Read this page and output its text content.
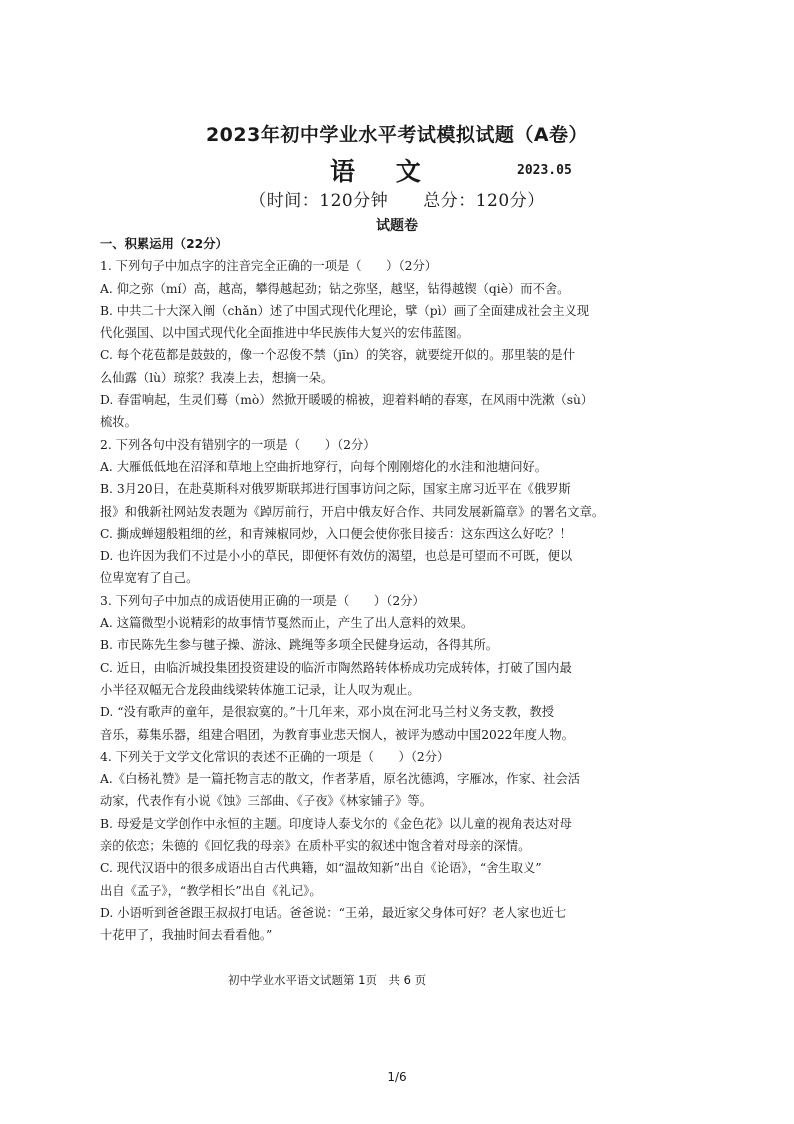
2023年初中学业水平考试模拟试题（A卷）
语 文	2023.05
（时间：120分钟　　总分：120分）
试题卷
一、积累运用（22分）
1. 下列句子中加点字的注音完全正确的一项是（　　）（2分）
A. 仰之弥（mí）高，越高，攀得越起劲；钻之弥坚，越坚，钻得越锲（qiè）而不舍。
B. 中共二十大深入阐（chǎn）述了中国式现代化理论，擘（pì）画了全面建成社会主义现
代化强国、以中国式现代化全面推进中华民族伟大复兴的宏伟蓝图。
C. 每个花苞都是鼓鼓的，像一个忍俊不禁（jīn）的笑容，就要绽开似的。那里装的是什
么仙露（lù）琼浆？我凑上去，想摘一朵。
D. 春雷响起，生灵们蓦（mò）然掀开暖暖的棉被，迎着料峭的春寒，在风雨中洗漱（sù）
梳妆。
2. 下列各句中没有错别字的一项是（　　）（2分）
A. 大雁低低地在沼泽和草地上空曲折地穿行，向每个刚刚熔化的水洼和池塘问好。
B. 3月20日，在赴莫斯科对俄罗斯联邦进行国事访问之际，国家主席习近平在《俄罗斯
报》和俄新社网站发表题为《踔厉前行，开启中俄友好合作、共同发展新篇章》的署名文章。
C. 撕成蝉翅般粗细的丝，和青辣椒同炒，入口便会使你张目接舌：这东西这么好吃？！
D. 也许因为我们不过是小小的草民，即便怀有效仿的渴望，也总是可望而不可既，便以
位卑宽宥了自己。
3. 下列句子中加点的成语使用正确的一项是（　　）（2分）
A. 这篇微型小说精彩的故事情节戛然而止，产生了出人意料的效果。
B. 市民陈先生参与毽子操、游泳、跳绳等多项全民健身运动，各得其所。
C. 近日，由临沂城投集团投资建设的临沂市陶然路转体桥成功完成转体，打破了国内最
小半径双幅无合龙段曲线梁转体施工记录，让人叹为观止。
D. “没有歌声的童年，是很寂寞的。”十几年来，邓小岚在河北马兰村义务支教，教授
音乐，募集乐器，组建合唱团，为教育事业悲天悯人，被评为感动中国2022年度人物。
4. 下列关于文学文化常识的表述不正确的一项是（　　）（2分）
A.《白杨礼赞》是一篇托物言志的散文，作者茅盾，原名沈德鸿，字雁冰，作家、社会活
动家，代表作有小说《蚀》三部曲、《子夜》《林家铺子》等。
B. 母爱是文学创作中永恒的主题。印度诗人泰戈尔的《金色花》以儿童的视角表达对母
亲的依恋；朱德的《回忆我的母亲》在质朴平实的叙述中饱含着对母亲的深情。
C. 现代汉语中的很多成语出自古代典籍，如“温故知新”出自《论语》，“舍生取义”
出自《孟子》，“教学相长”出自《礼记》。
D. 小语听到爸爸跟王叔叔打电话。爸爸说：“王弟，最近家父身体可好？老人家也近七
十花甲了，我抽时间去看看他。”
初中学业水平语文试题第 1页　共 6 页
1/6
